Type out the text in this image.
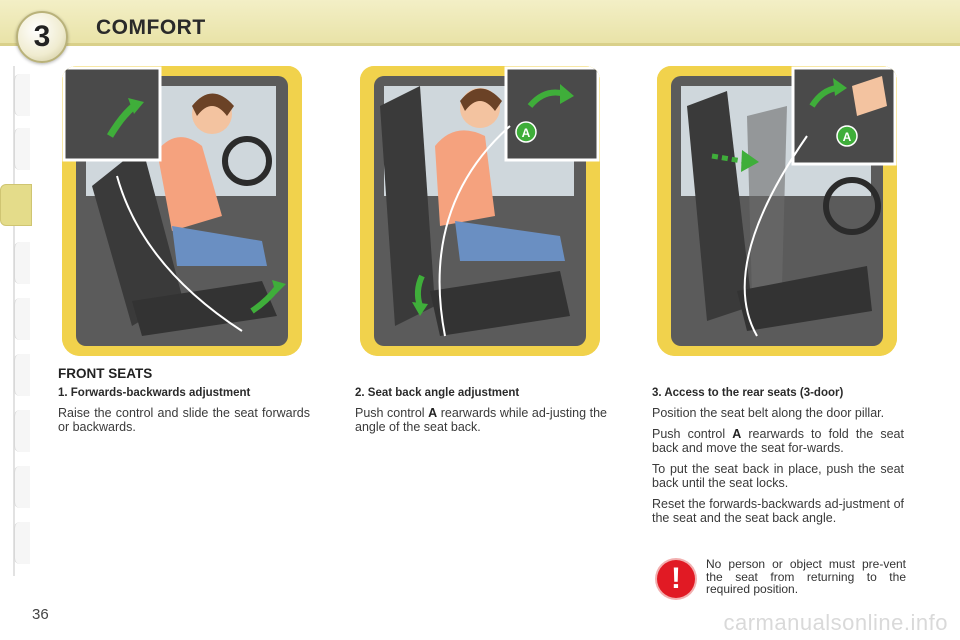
3	COMFORT
A	A
FRONT SEATS
1. Forwards-backwards adjustment

Raise the control and slide the seat forwards or backwards.

2. Seat back angle adjustment

Push control A rearwards while ad-justing the angle of the seat back.

3. Access to the rear seats (3-door)

Position the seat belt along the door pillar.

Push control A rearwards to fold the seat back and move the seat for-wards.

To put the seat back in place, push the seat back until the seat locks.

Reset the forwards-backwards ad-justment of the seat and the seat back angle.

!	No person or object must pre-vent the seat from returning to the required position.
36	carmanualsonline.info
